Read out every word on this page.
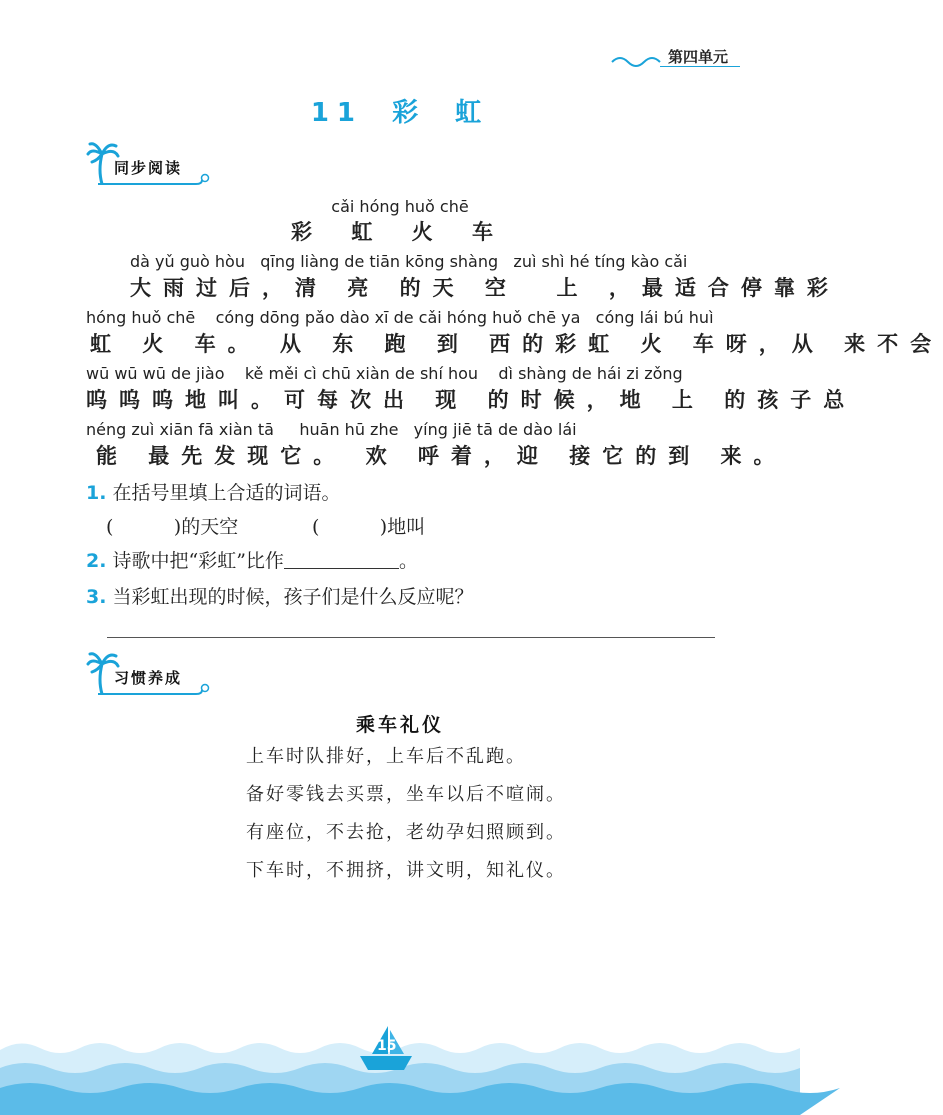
第四单元
11 彩 虹
同步阅读
cǎi hóng huǒ chē
彩 虹 火 车
dà yǔ guò hòu   qīng liàng de tiān kōng shàng   zuì shì hé tíng kào cǎi
大雨过后，清 亮 的天 空  上 ，最适合停靠彩
hóng huǒ chē    cóng dōng pǎo dào xī de cǎi hóng huǒ chē ya   cóng lái bú huì
虹 火 车。 从 东 跑 到 西的彩虹 火 车呀，从 来不会
wū wū wū de jiào    kě měi cì chū xiàn de shí hou    dì shàng de hái zi zǒng
呜呜呜地叫。可每次出 现 的时候，地 上 的孩子总
néng zuì xiān fā xiàn tā     huān hū zhe   yíng jiē tā de dào lái
能 最先发现它。 欢 呼着，迎 接它的到 来。
1. 在括号里填上合适的词语。
(          )的天空	(          )地叫
2. 诗歌中把“彩虹”比作	。
3. 当彩虹出现的时候，孩子们是什么反应呢？
习惯养成
乘车礼仪
上车时队排好，上车后不乱跑。
备好零钱去买票，坐车以后不喧闹。
有座位，不去抢，老幼孕妇照顾到。
下车时，不拥挤，讲文明，知礼仪。
15
